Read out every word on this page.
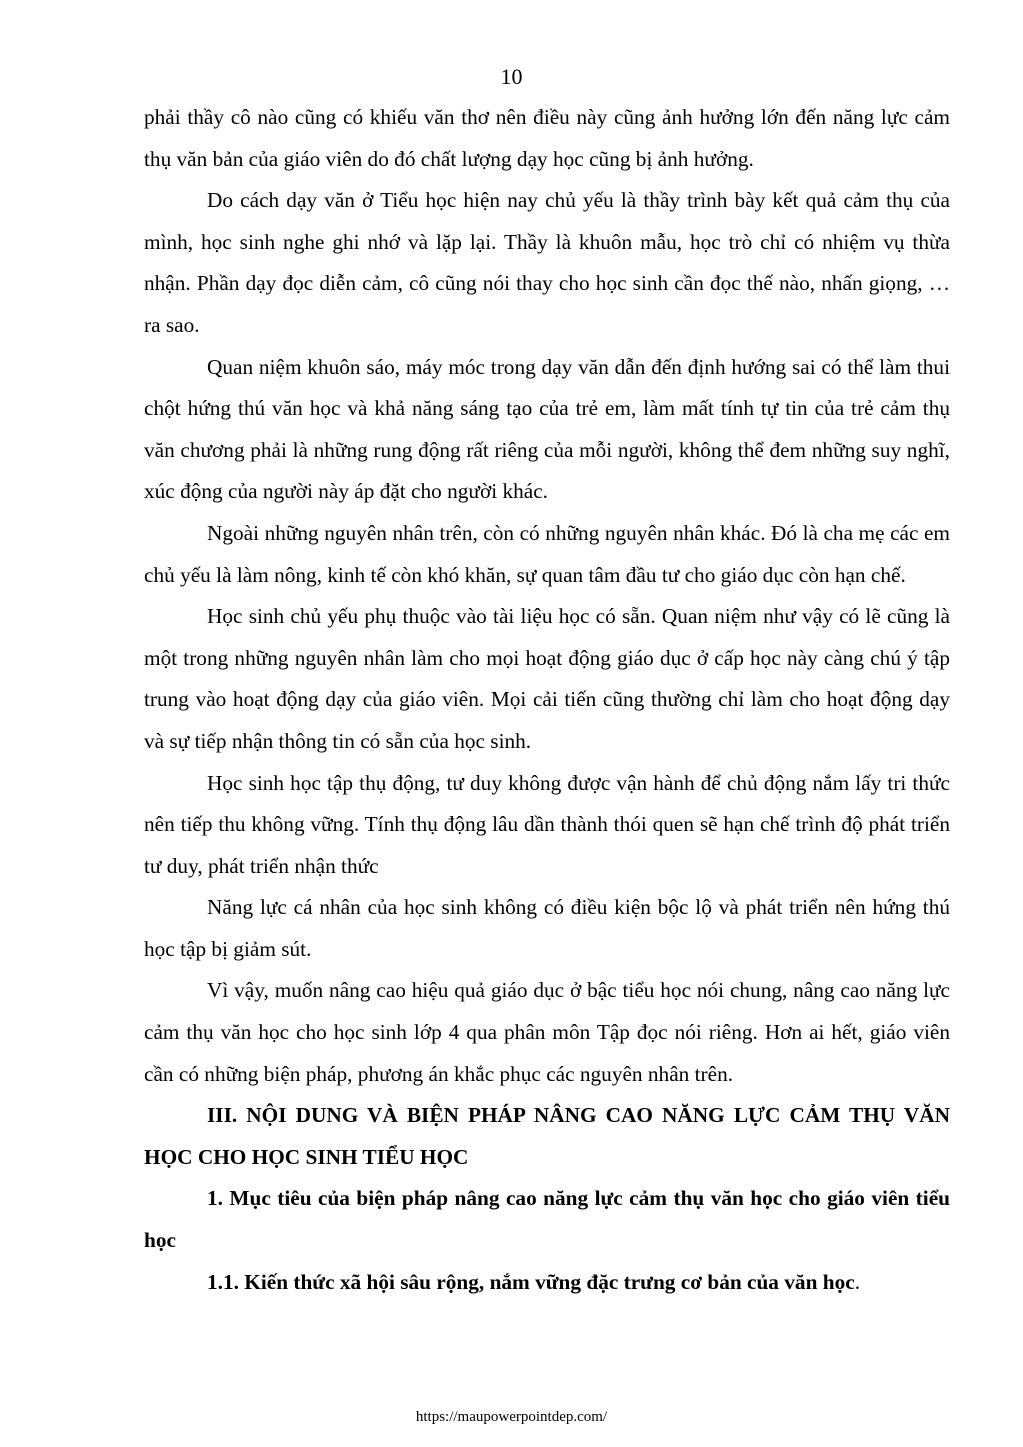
10

phải thầy cô nào cũng có khiếu văn thơ nên điều này cũng ảnh hưởng lớn đến năng lực cảm thụ văn bản của giáo viên do đó chất lượng dạy học cũng bị ảnh hưởng.

Do cách dạy văn ở Tiểu học hiện nay chủ yếu là thầy trình bày kết quả cảm thụ của mình, học sinh nghe ghi nhớ và lặp lại. Thầy là khuôn mẫu, học trò chỉ có nhiệm vụ thừa nhận. Phần dạy đọc diễn cảm, cô cũng nói thay cho học sinh cần đọc thế nào, nhấn giọng, … ra sao.

Quan niệm khuôn sáo, máy móc trong dạy văn dẫn đến định hướng sai có thể làm thui chột hứng thú văn học và khả năng sáng tạo của trẻ em, làm mất tính tự tin của trẻ cảm thụ văn chương phải là những rung động rất riêng của mỗi người, không thể đem những suy nghĩ, xúc động của người này áp đặt cho người khác.

Ngoài những nguyên nhân trên, còn có những nguyên nhân khác. Đó là cha mẹ các em chủ yếu là làm nông, kinh tế còn khó khăn, sự quan tâm đầu tư cho giáo dục còn hạn chế.

Học sinh chủ yếu phụ thuộc vào tài liệu học có sẵn. Quan niệm như vậy có lẽ cũng là một trong những nguyên nhân làm cho mọi hoạt động giáo dục ở cấp học này càng chú ý tập trung vào hoạt động dạy của giáo viên. Mọi cải tiến cũng thường chỉ làm cho hoạt động dạy và sự tiếp nhận thông tin có sẵn của học sinh.

Học sinh học tập thụ động, tư duy không được vận hành để chủ động nắm lấy tri thức nên tiếp thu không vững. Tính thụ động lâu dần thành thói quen sẽ hạn chế trình độ phát triển tư duy, phát triển nhận thức

Năng lực cá nhân của học sinh không có điều kiện bộc lộ và phát triển nên hứng thú học tập bị giảm sút.

Vì vậy, muốn nâng cao hiệu quả giáo dục ở bậc tiểu học nói chung, nâng cao năng lực cảm thụ văn học cho học sinh lớp 4 qua phân môn Tập đọc nói riêng. Hơn ai hết, giáo viên cần có những biện pháp, phương án khắc phục các nguyên nhân trên.

III. NỘI DUNG VÀ BIỆN PHÁP NÂNG CAO NĂNG LỰC CẢM THỤ VĂN HỌC CHO HỌC SINH TIỂU HỌC

1. Mục tiêu của biện pháp nâng cao năng lực cảm thụ văn học cho giáo viên tiểu học

1.1. Kiến thức xã hội sâu rộng, nắm vững đặc trưng cơ bản của văn học.

https://maupowerpointdep.com/
